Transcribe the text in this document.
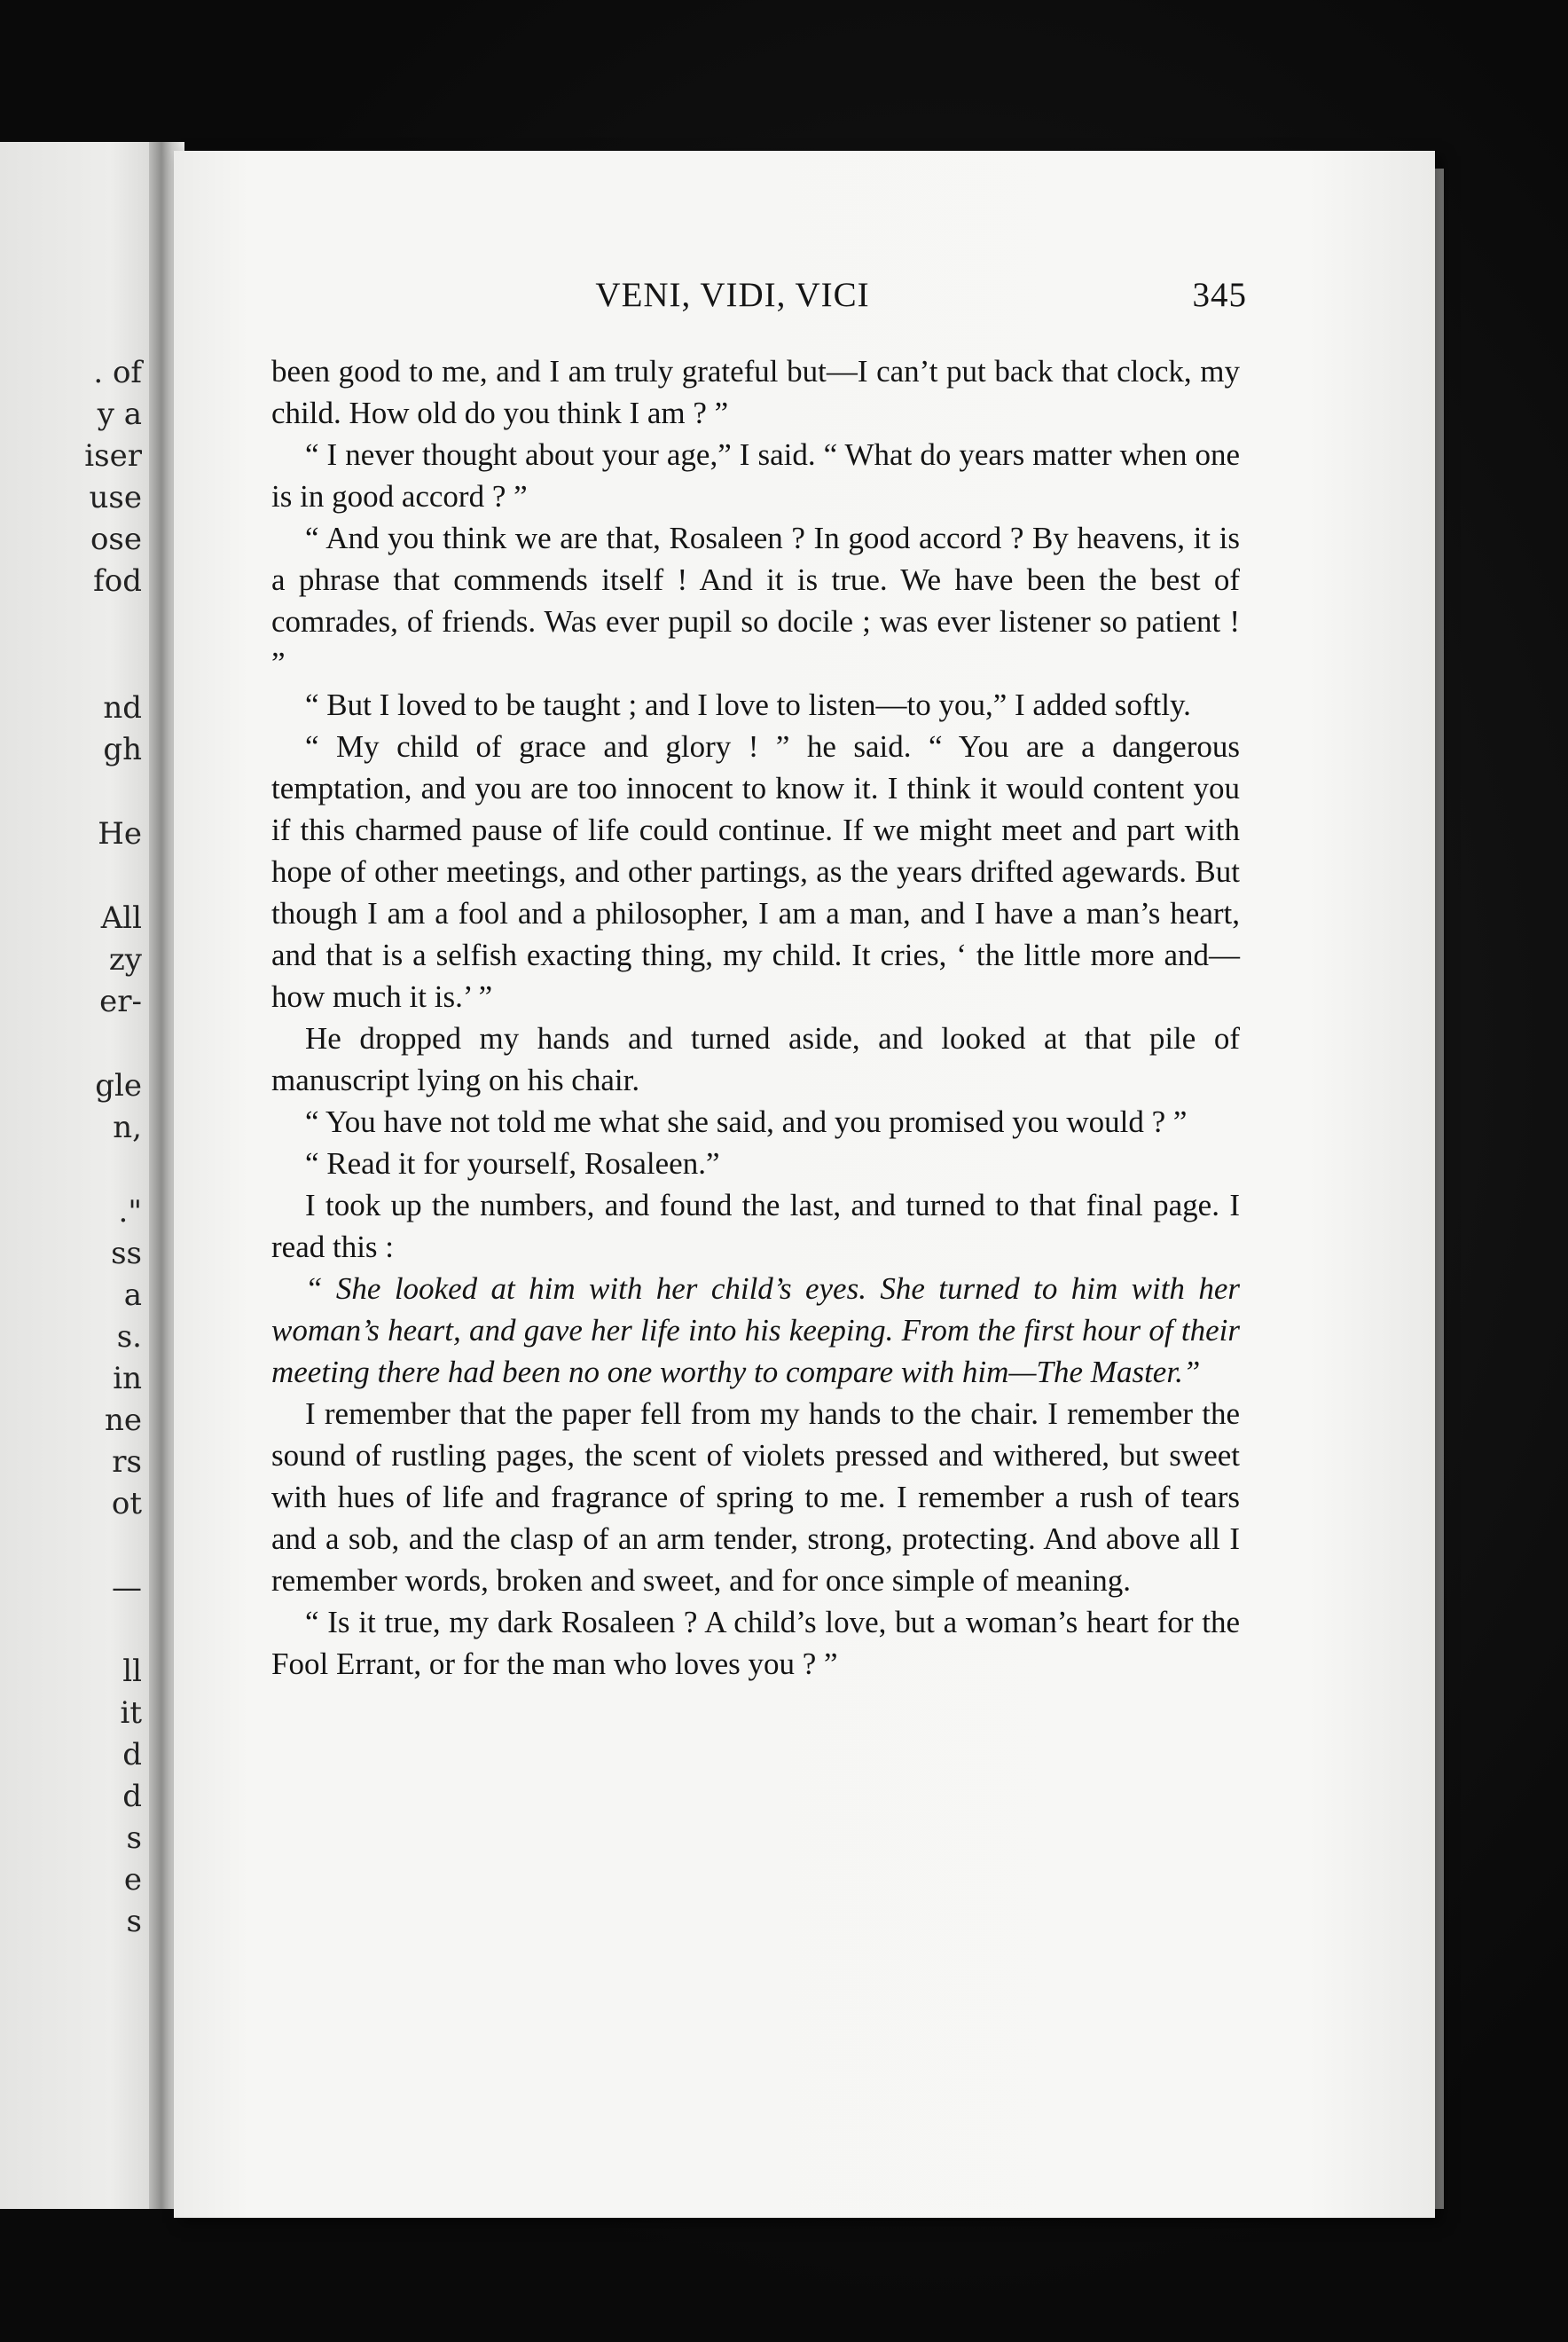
. of
y a
iser
use
ose
fod
nd
gh
He
All
zy
er-
gle
n,
."
ss
a
s.
in
ne
rs
ot
—
ll
it
d
d
s
e
s
VENI, VIDI, VICI	345

been good to me, and I am truly grateful but—I can’t put back that clock, my child. How old do you think I am ? ”

“ I never thought about your age,” I said. “ What do years matter when one is in good accord ? ”

“ And you think we are that, Rosaleen ? In good accord ? By heavens, it is a phrase that commends itself ! And it is true. We have been the best of comrades, of friends. Was ever pupil so docile ; was ever listener so patient ! ”

“ But I loved to be taught ; and I love to listen—to you,” I added softly.

“ My child of grace and glory ! ” he said. “ You are a dangerous temptation, and you are too innocent to know it. I think it would content you if this charmed pause of life could continue. If we might meet and part with hope of other meetings, and other partings, as the years drifted agewards. But though I am a fool and a philosopher, I am a man, and I have a man’s heart, and that is a selfish exacting thing, my child. It cries, ‘ the little more and—how much it is.’ ”

He dropped my hands and turned aside, and looked at that pile of manuscript lying on his chair.

“ You have not told me what she said, and you promised you would ? ”

“ Read it for yourself, Rosaleen.”

I took up the numbers, and found the last, and turned to that final page. I read this :

“ She looked at him with her child’s eyes. She turned to him with her woman’s heart, and gave her life into his keeping. From the first hour of their meeting there had been no one worthy to compare with him—The Master.”

I remember that the paper fell from my hands to the chair. I remember the sound of rustling pages, the scent of violets pressed and withered, but sweet with hues of life and fragrance of spring to me. I remember a rush of tears and a sob, and the clasp of an arm tender, strong, protecting. And above all I remember words, broken and sweet, and for once simple of meaning.

“ Is it true, my dark Rosaleen ? A child’s love, but a woman’s heart for the Fool Errant, or for the man who loves you ? ”
